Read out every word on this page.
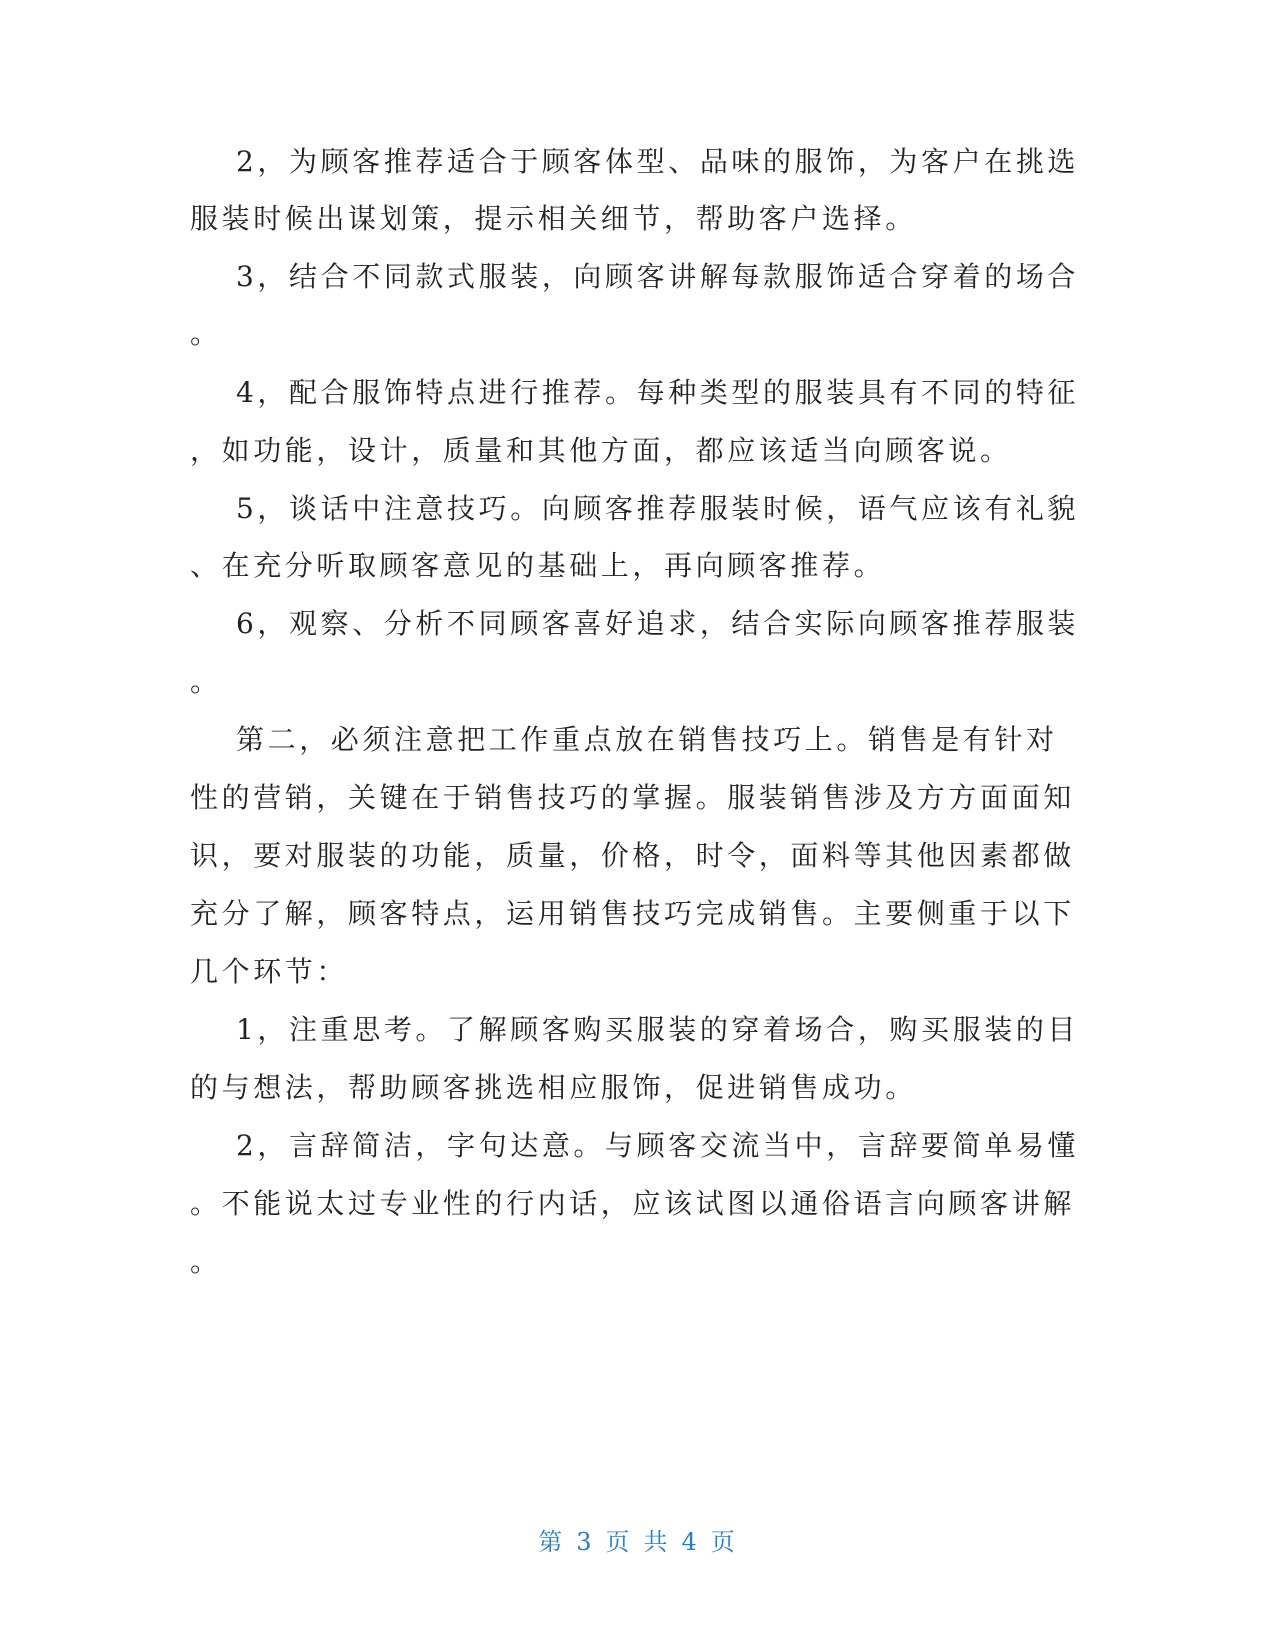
2，为顾客推荐适合于顾客体型、品味的服饰，为客户在挑选
服装时候出谋划策，提示相关细节，帮助客户选择。
3，结合不同款式服装，向顾客讲解每款服饰适合穿着的场合
。
4，配合服饰特点进行推荐。每种类型的服装具有不同的特征
，如功能，设计，质量和其他方面，都应该适当向顾客说。
5，谈话中注意技巧。向顾客推荐服装时候，语气应该有礼貌
、在充分听取顾客意见的基础上，再向顾客推荐。
6，观察、分析不同顾客喜好追求，结合实际向顾客推荐服装
。
第二，必须注意把工作重点放在销售技巧上。销售是有针对
性的营销，关键在于销售技巧的掌握。服装销售涉及方方面面知
识，要对服装的功能，质量，价格，时令，面料等其他因素都做
充分了解，顾客特点，运用销售技巧完成销售。主要侧重于以下
几个环节：
1，注重思考。了解顾客购买服装的穿着场合，购买服装的目
的与想法，帮助顾客挑选相应服饰，促进销售成功。
2，言辞简洁，字句达意。与顾客交流当中，言辞要简单易懂
。不能说太过专业性的行内话，应该试图以通俗语言向顾客讲解
。
第 3 页 共 4 页
